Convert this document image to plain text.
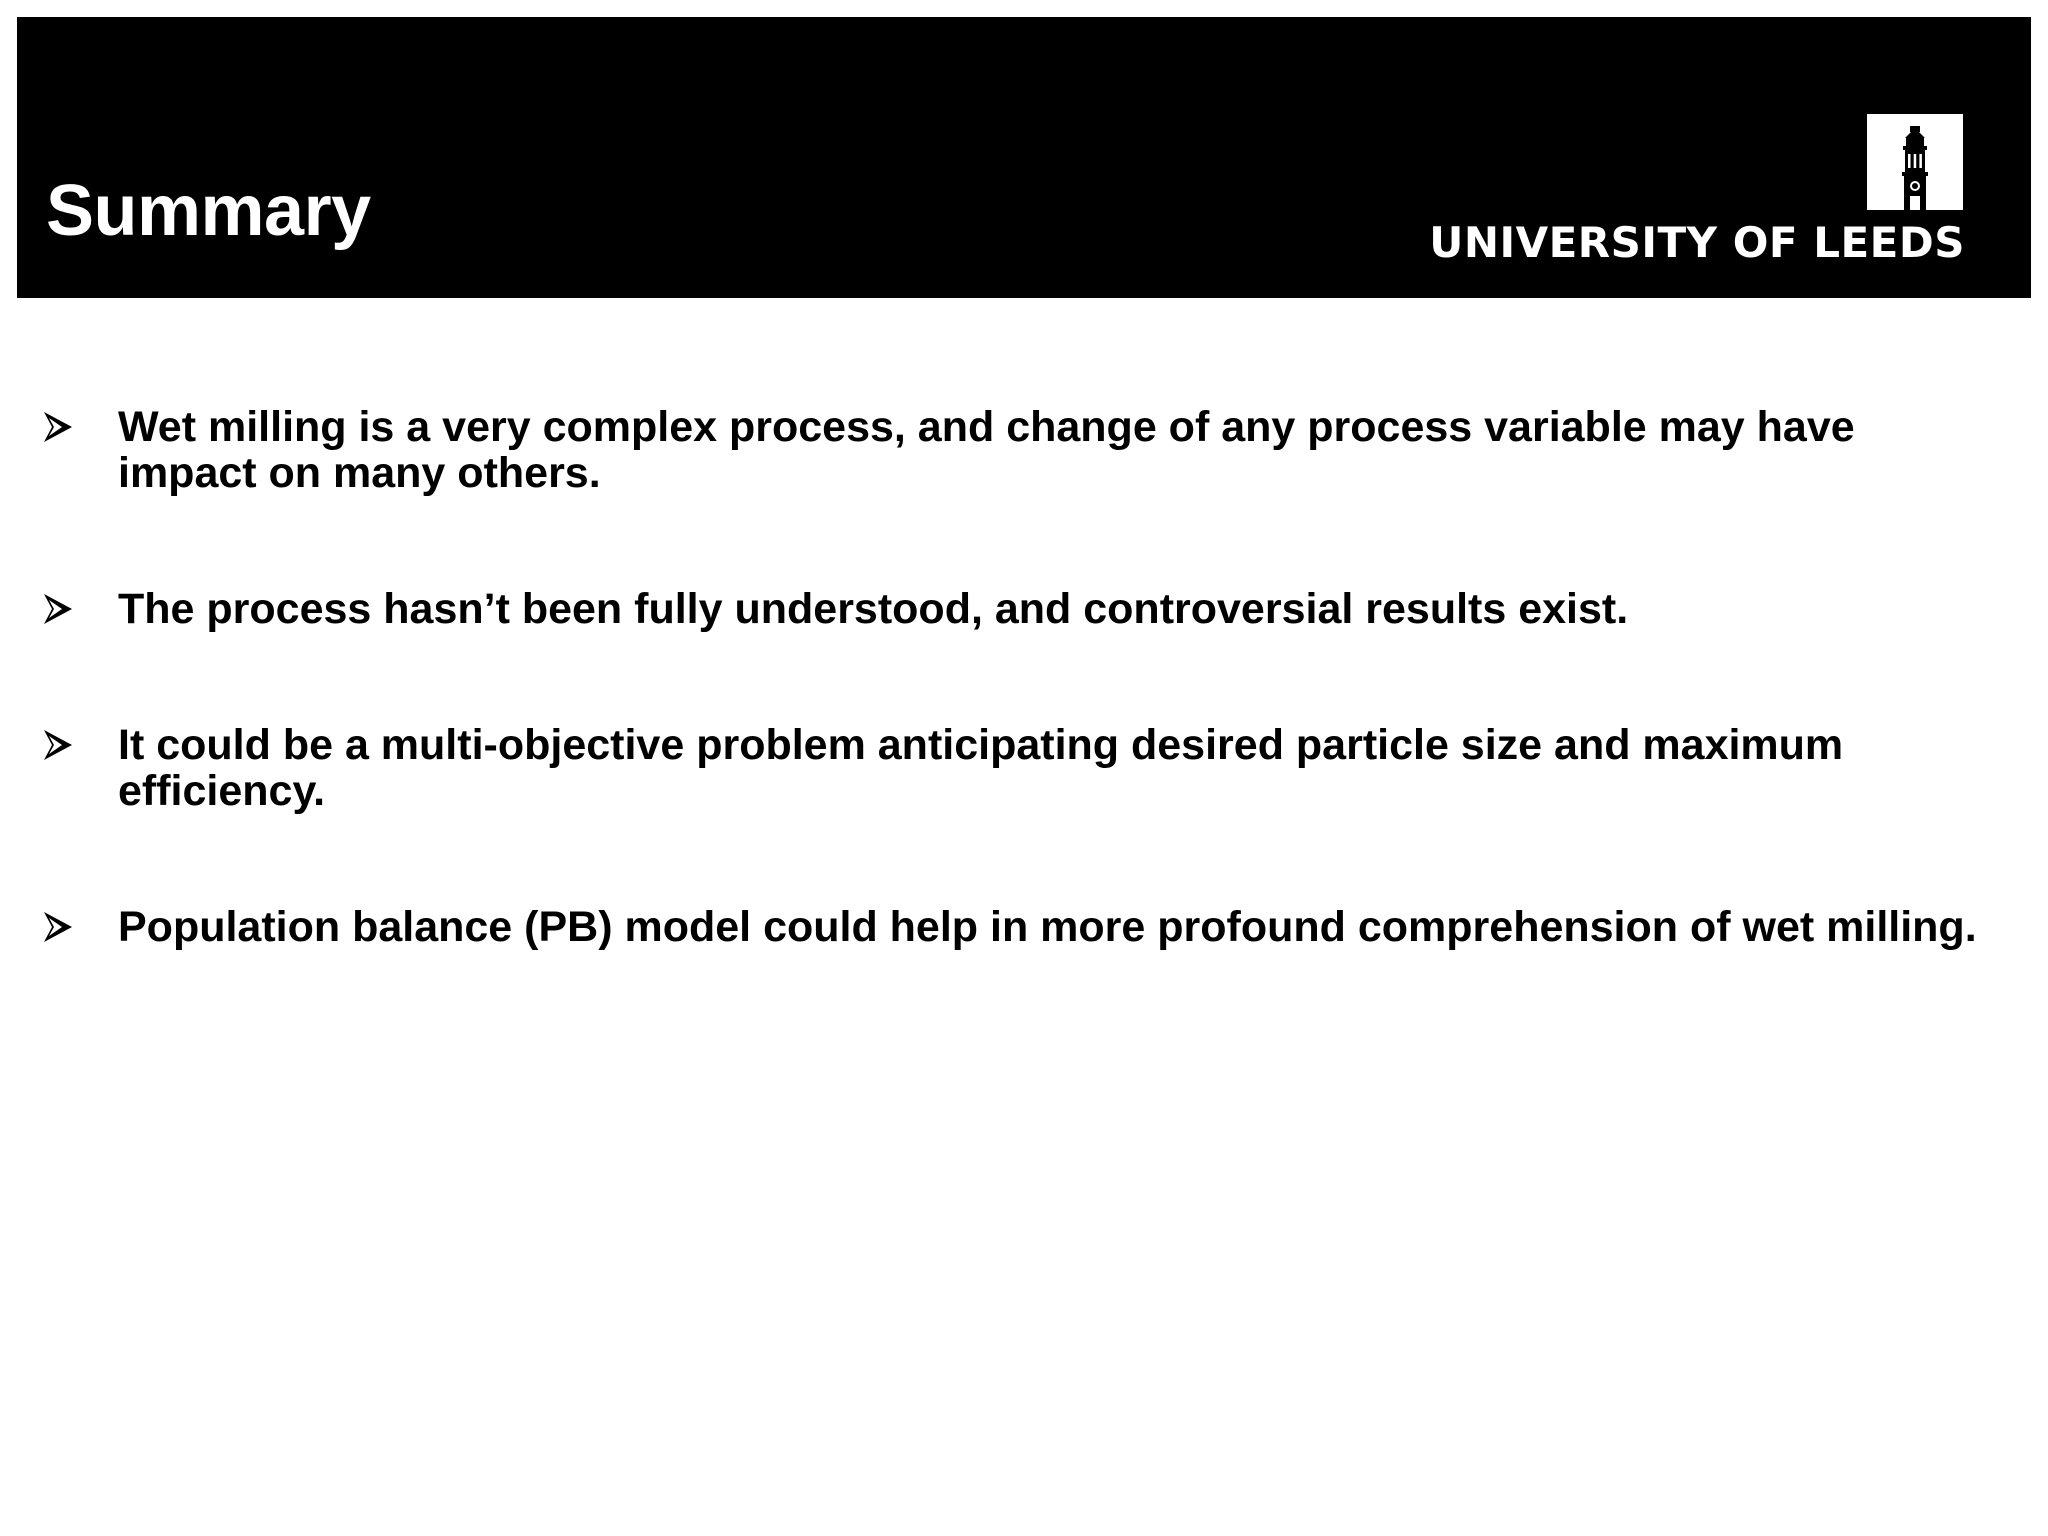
Summary	UNIVERSITY OF LEEDS
Wet milling is a very complex process, and change of any process variable may have impact on many others.
The process hasn’t been fully understood, and controversial results exist.
It could be a multi-objective problem anticipating desired particle size and maximum efficiency.
Population balance (PB) model could help in more profound comprehension of wet milling.
